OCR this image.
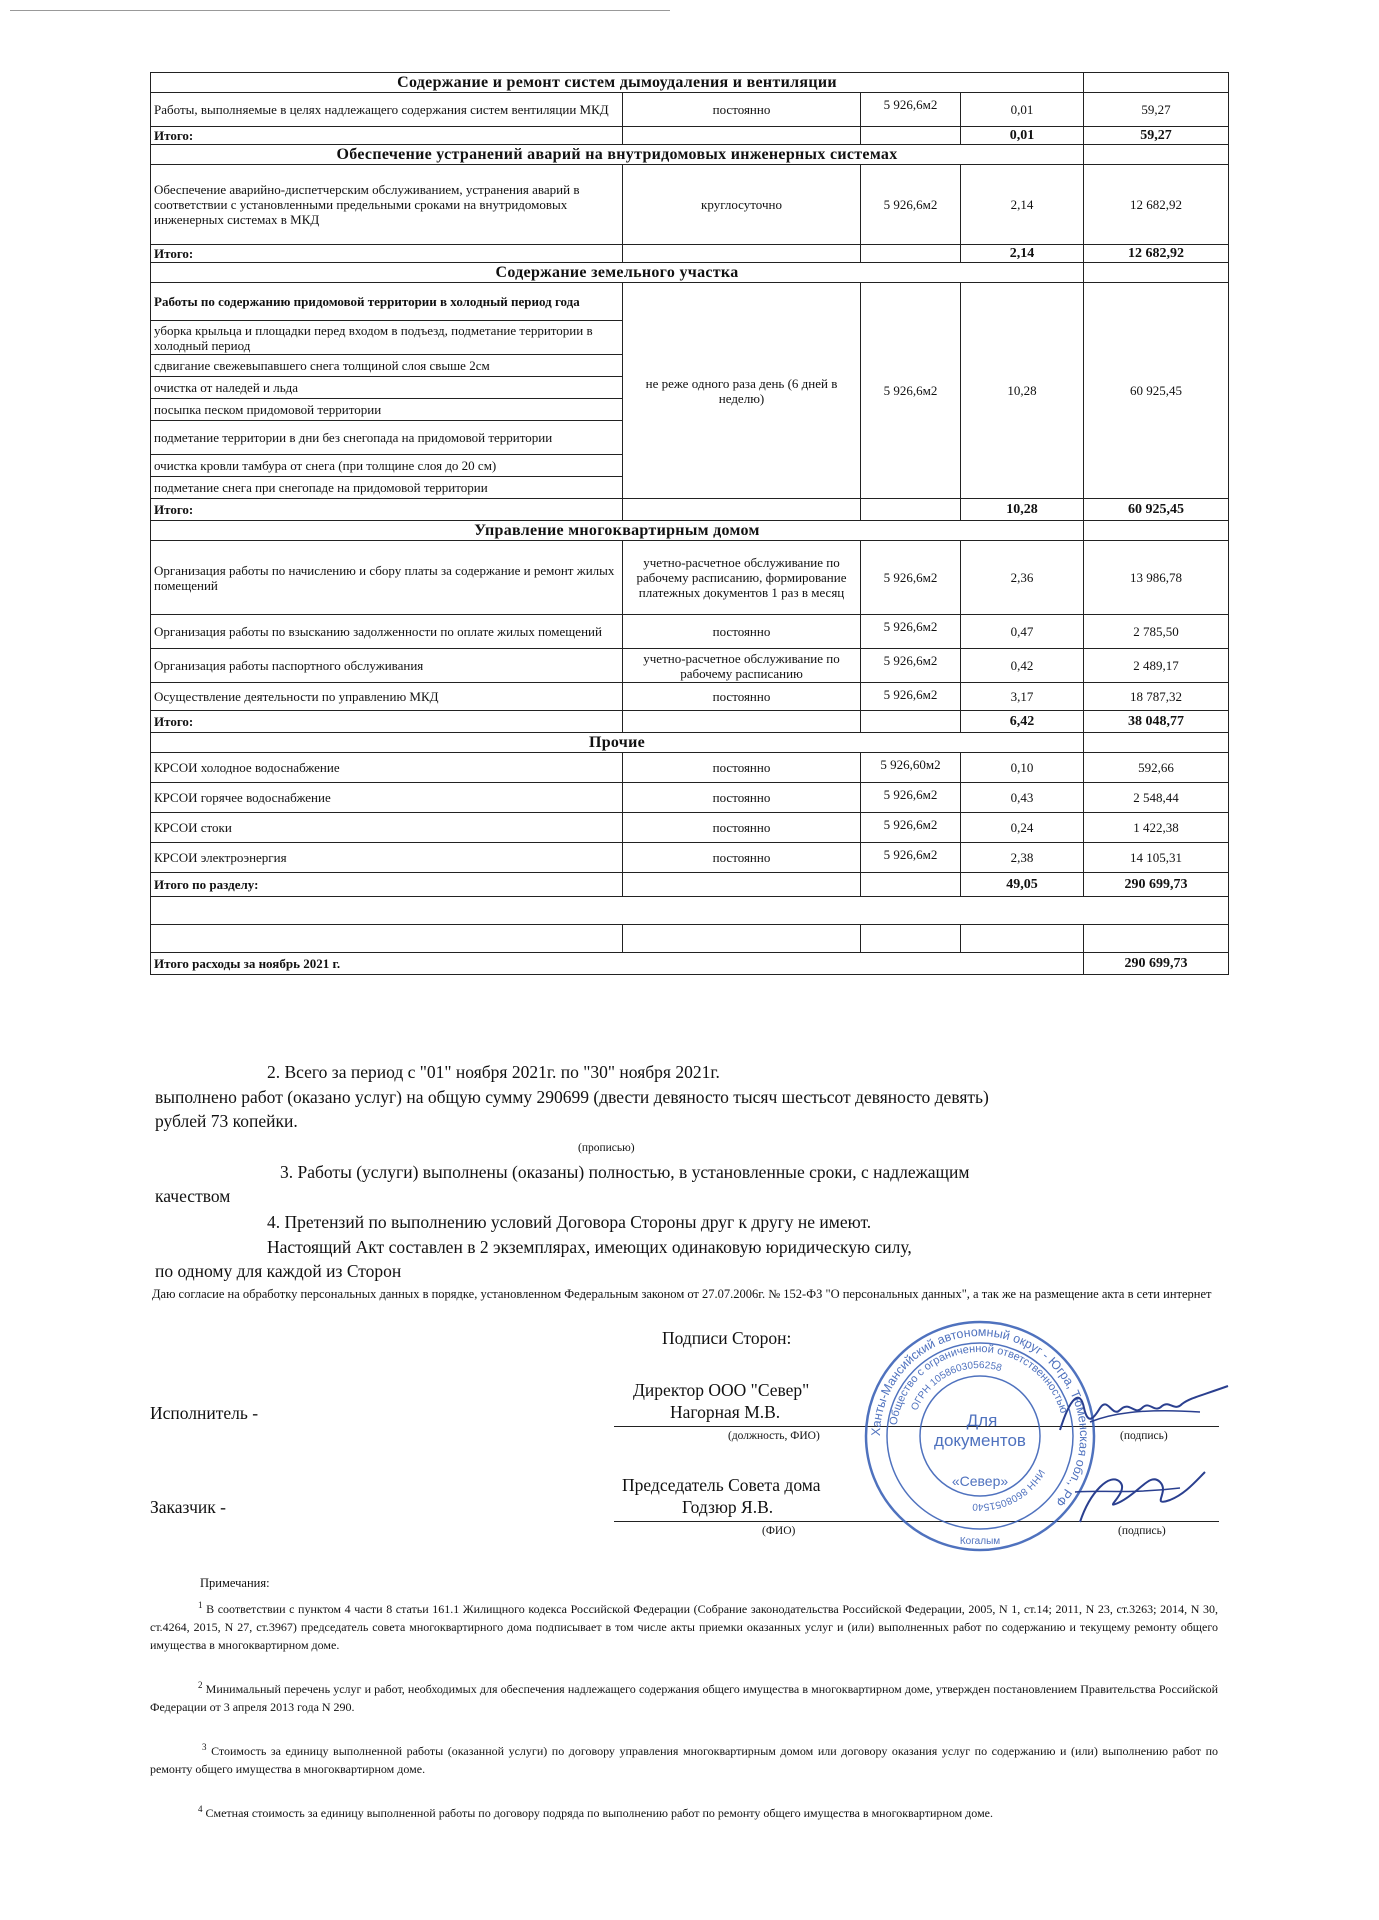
Содержание и ремонт систем дымоудаления и вентиляции				
Работы, выполняемые в целях надлежащего содержания систем вентиляции МКД	постоянно	5 926,6м2	0,01	59,27
Итого:			0,01	59,27
Обеспечение устранений аварий на внутридомовых инженерных системах				
Обеспечение аварийно-диспетчерским обслуживанием, устранения аварий в соответствии с установленными предельными сроками на внутридомовых инженерных системах в МКД	круглосуточно	5 926,6м2	2,14	12 682,92
Итого:			2,14	12 682,92
Содержание земельного участка				
Работы по содержанию придомовой территории в холодный период года	не реже одного раза день (6 дней в неделю)	5 926,6м2	10,28	60 925,45
уборка крыльца и площадки перед входом в подъезд, подметание территории в холодный период				
сдвигание свежевыпавшего снега толщиной слоя свыше 2см				
очистка от наледей и льда				
посыпка песком придомовой территории				
подметание территории в дни без снегопада на придомовой территории				
очистка кровли тамбура от снега (при толщине слоя до 20 см)				
подметание снега при снегопаде на придомовой территории				
Итого:			10,28	60 925,45
Управление многоквартирным домом				
Организация работы по начислению и сбору платы за содержание и ремонт жилых помещений	учетно-расчетное обслуживание по рабочему расписанию, формирование платежных документов 1 раз в месяц	5 926,6м2	2,36	13 986,78
Организация работы по взысканию задолженности по оплате жилых помещений	постоянно	5 926,6м2	0,47	2 785,50
Организация работы паспортного обслуживания	учетно-расчетное обслуживание по рабочему расписанию	5 926,6м2	0,42	2 489,17
Осуществление деятельности по управлению МКД	постоянно	5 926,6м2	3,17	18 787,32
Итого:			6,42	38 048,77
Прочие				
КРСОИ холодное водоснабжение	постоянно	5 926,60м2	0,10	592,66
КРСОИ горячее водоснабжение	постоянно	5 926,6м2	0,43	2 548,44
КРСОИ стоки	постоянно	5 926,6м2	0,24	1 422,38
КРСОИ электроэнергия	постоянно	5 926,6м2	2,38	14 105,31
Итого по разделу:			49,05	290 699,73

Итого расходы за ноябрь 2021 г.				290 699,73
2. Всего за период с "01" ноября 2021г. по "30" ноября 2021г.
выполнено работ (оказано услуг) на общую сумму 290699 (двести девяносто тысяч шестьсот девяносто девять)
рублей 73 копейки.
(прописью)
3. Работы (услуги) выполнены (оказаны) полностью, в установленные сроки, с надлежащим
качеством
4. Претензий по выполнению условий Договора Стороны друг к другу не имеют.
Настоящий Акт составлен в 2 экземплярах, имеющих одинаковую юридическую силу,
по одному для каждой из Сторон
Даю согласие на обработку персональных данных в порядке, установленном Федеральным законом от 27.07.2006г. № 152-ФЗ "О персональных данных", а так же на размещение акта в сети интернет
Подписи Сторон:
Исполнитель -
Директор ООО "Север"
Нагорная М.В.
(должность, ФИО)	(подпись)
Заказчик -
Председатель Совета дома
Годзюр Я.В.
(ФИО)	(подпись)
Ханты-Мансийский автономный округ - Югра, Тюменская обл., РФ
Общество с ограниченной ответственностью
ОГРН 1058603056258
ИНН 8608051540
Для
документов
«Север»
Когалым
Примечания:
$^1$ В соответствии с пунктом 4 части 8 статьи 161.1 Жилищного кодекса Российской Федерации (Собрание законодательства Российской Федерации, 2005, N 1, ст.14; 2011, N 23, ст.3263; 2014, N 30, ст.4264, 2015, N 27, ст.3967) председатель совета многоквартирного дома подписывает в том числе акты приемки оказанных услуг и (или) выполненных работ по содержанию и текущему ремонту общего имущества в многоквартирном доме.
$^2$ Минимальный перечень услуг и работ, необходимых для обеспечения надлежащего содержания общего имущества в многоквартирном доме, утвержден постановлением Правительства Российской Федерации от 3 апреля 2013 года N 290.
$^3$ Стоимость за единицу выполненной работы (оказанной услуги) по договору управления многоквартирным домом или договору оказания услуг по содержанию и (или) выполнению работ по ремонту общего имущества в многоквартирном доме.
$^4$ Сметная стоимость за единицу выполненной работы по договору подряда по выполнению работ по ремонту общего имущества в многоквартирном доме.
